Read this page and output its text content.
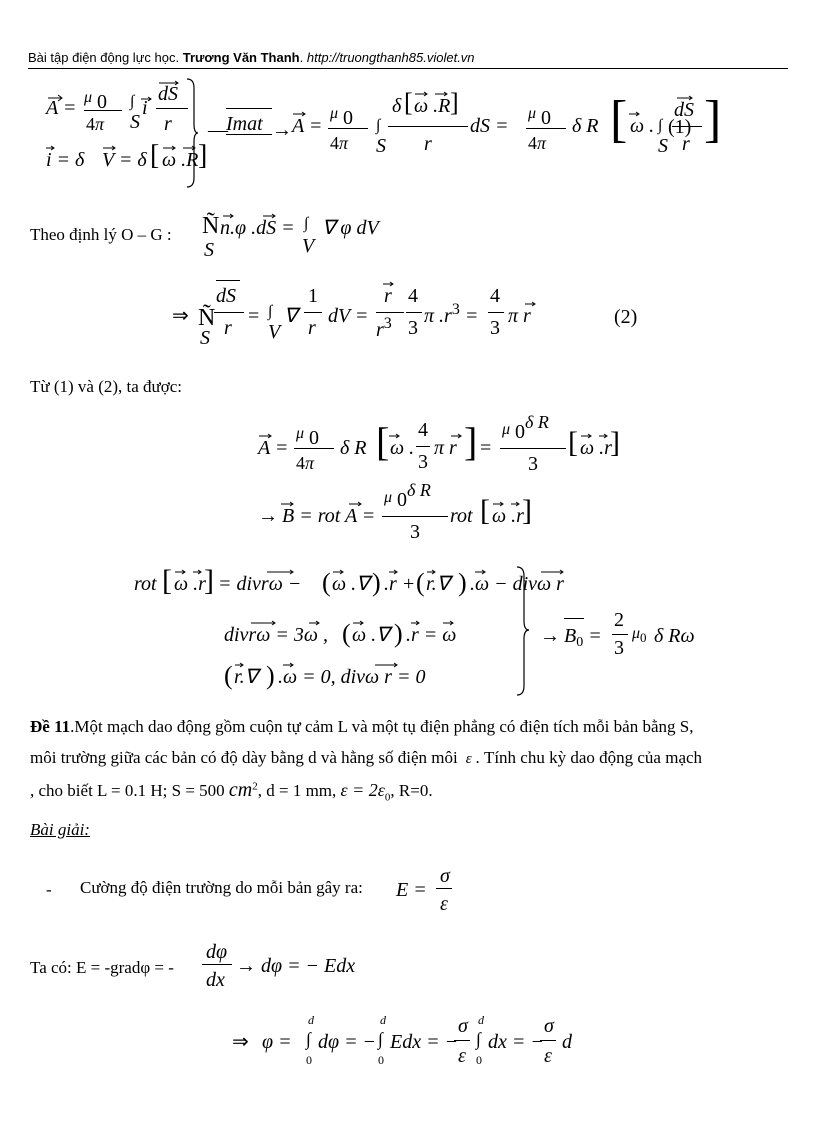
Bài tập điện động lực học. Trương Văn Thanh. http://truongthanh85.violet.vn
A = μ 0
4π
∫
S
i
dS
r
i = δ V = δ [ ω .R ]
—
Imat → A =
μ 0
4π
∫
S
δ [ ω .R ]
r
dS =
μ 0
4π
δ R [ ω . ∫
S
dS
r ]
(1)
Theo định lý O – G : Ñ
S
n.φ .dS = ∫
V
∇ φ dV
⇒ Ñ
S
dS
r
= ∫
V
∇
1
r
dV =
r
$r^3$
4
3
π $.r^3$ =
4
3
π r	(2)
Từ (1) và (2), ta được:
A =
μ 0
4π
δ R [ ω .
4
3
π r ] =
μ 0δ R
3
[ ω .r
]
→ B = rot A =
μ 0δ R
3
rot [ ω .r
]
rot [ ω .r
] = divrω − ( ω .∇ ) .r + ( r.∇ ) .ω − divω r
divrω = 3ω , ( ω .∇ ) .r = ω
( r.∇ ) .ω = 0, divω r = 0
→ $B_0$ =
2
3
$\mu_0$ δ Rω
Đề 11.Một mạch dao động gồm cuộn tự cảm L và một tụ điện phẳng có điện tích mỗi bản bằng S,
môi trường giữa các bản có độ dày bằng d và hằng số điện môi  ε . Tính chu kỳ dao động của mạch
, cho biết L = 0.1 H; S = 500 $cm^2$, d = 1 mm, $\varepsilon = 2\varepsilon_0$, R=0.
Bài giải:
- Cường độ điện trường do mỗi bản gây ra: E =
σ
ε
Ta có: E = -gradφ = -
dφ
dx
→ dφ = − Edx
⇒ φ =
d
∫
0
dφ = −
d
∫
0
Edx = −
σ
ε
d
∫
0
dx = −
σ
ε
d
